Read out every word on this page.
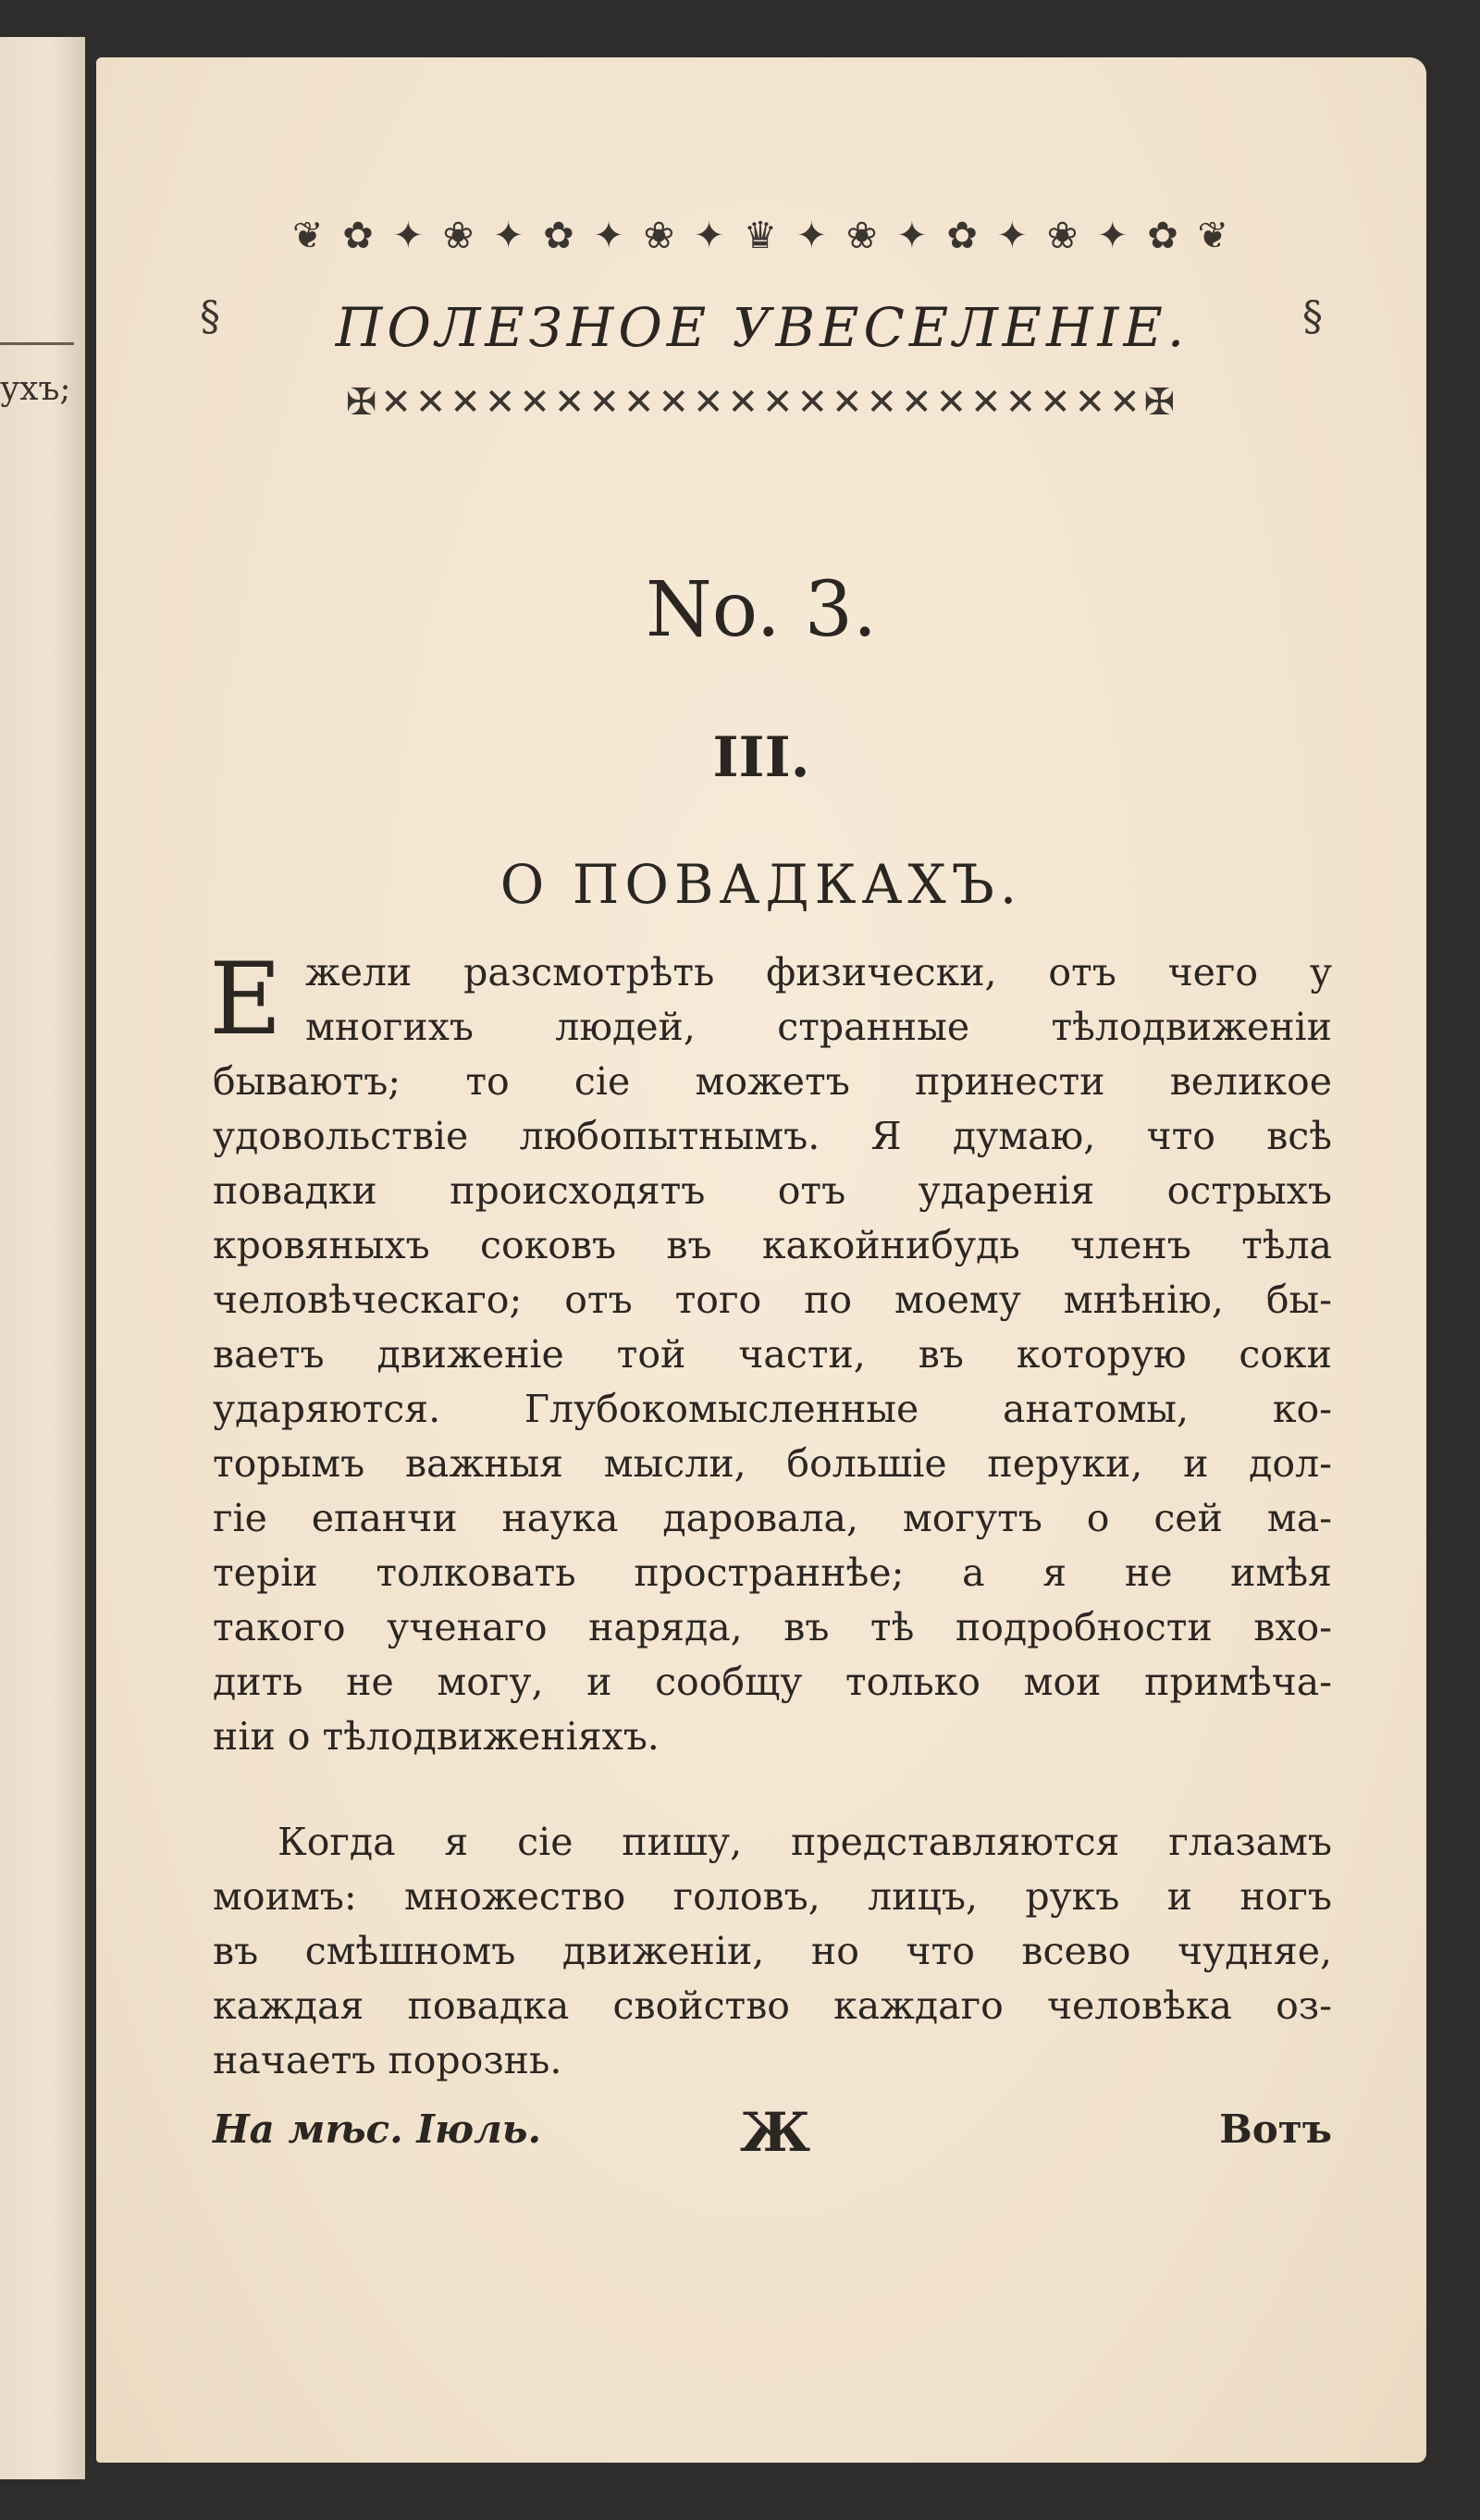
ухъ;
❦ ✿ ✦ ❀ ✦ ✿ ✦ ❀ ✦ ♛ ✦ ❀ ✦ ✿ ✦ ❀ ✦ ✿ ❦
§	ПОЛЕЗНОЕ УВЕСЕЛЕНІЕ.	§
✠✕✕✕✕✕✕✕✕✕✕✕✕✕✕✕✕✕✕✕✕✕✕✠
No. 3.
III.
О ПОВАДКАХЪ.
Е жели разсмотрѣть физически, отъ чего у
многихъ людей, странные тѣлодвиженіи
бываютъ; то сіе можетъ принести великое
удовольствіе любопытнымъ. Я думаю, что всѣ
повадки происходятъ отъ ударенія острыхъ
кровяныхъ соковъ въ какойнибудь членъ тѣла
человѣческаго; отъ того по моему мнѣнію, бы-
ваетъ движеніе той части, въ которую соки
ударяются. Глубокомысленные анатомы, ко-
торымъ важныя мысли, большіе перуки, и дол-
гіе епанчи наука даровала, могутъ о сей ма-
теріи толковать пространнѣе; а я не имѣя
такого ученаго наряда, въ тѣ подробности вхо-
дить не могу, и сообщу только мои примѣча-
ніи о тѣлодвиженіяхъ.
Когда я сіе пишу, представляются глазамъ
моимъ: множество головъ, лицъ, рукъ и ногъ
въ смѣшномъ движеніи, но что всево чудняе,
каждая повадка свойство каждаго человѣка оз-
начаетъ порознь.
На мѣс. Іюль.	Ж	Вотъ
